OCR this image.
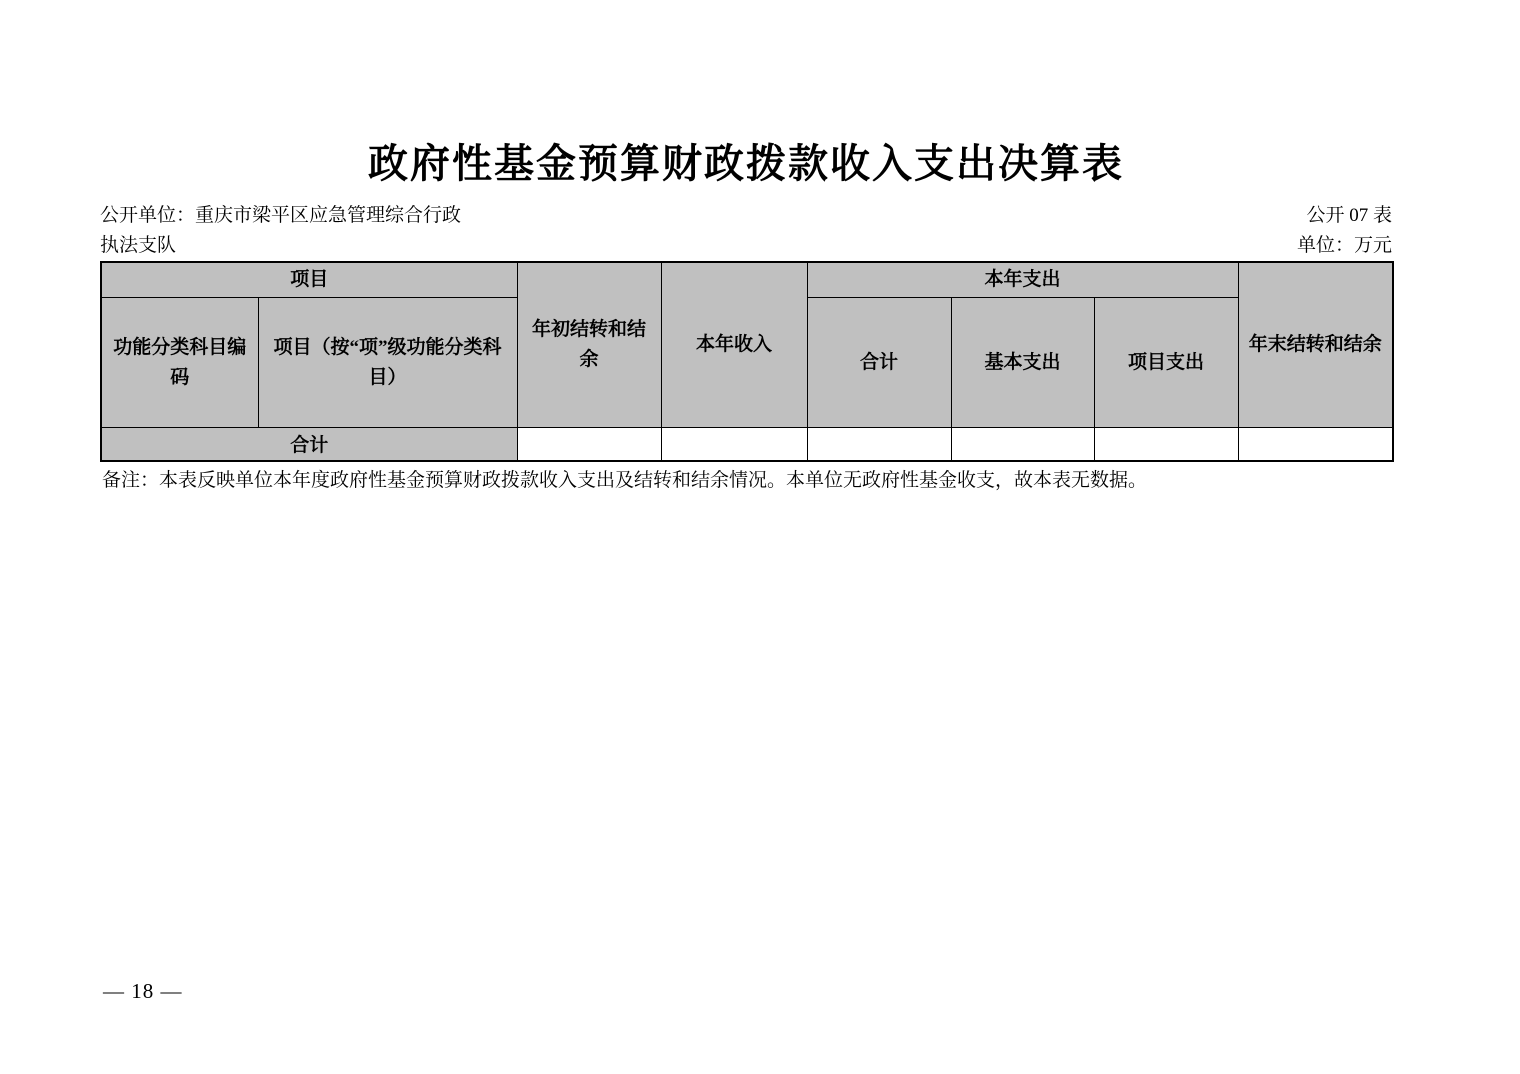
政府性基金预算财政拨款收入支出决算表
公开单位：重庆市梁平区应急管理综合行政
执法支队
公开 07 表
单位：万元
项目		年初结转和结余	本年收入	本年支出			年末结转和结余
功能分类科目编码	项目（按“项”级功能分类科目）			合计	基本支出	项目支出	
合计							

备注：本表反映单位本年度政府性基金预算财政拨款收入支出及结转和结余情况。本单位无政府性基金收支，故本表无数据。

— 18 —
